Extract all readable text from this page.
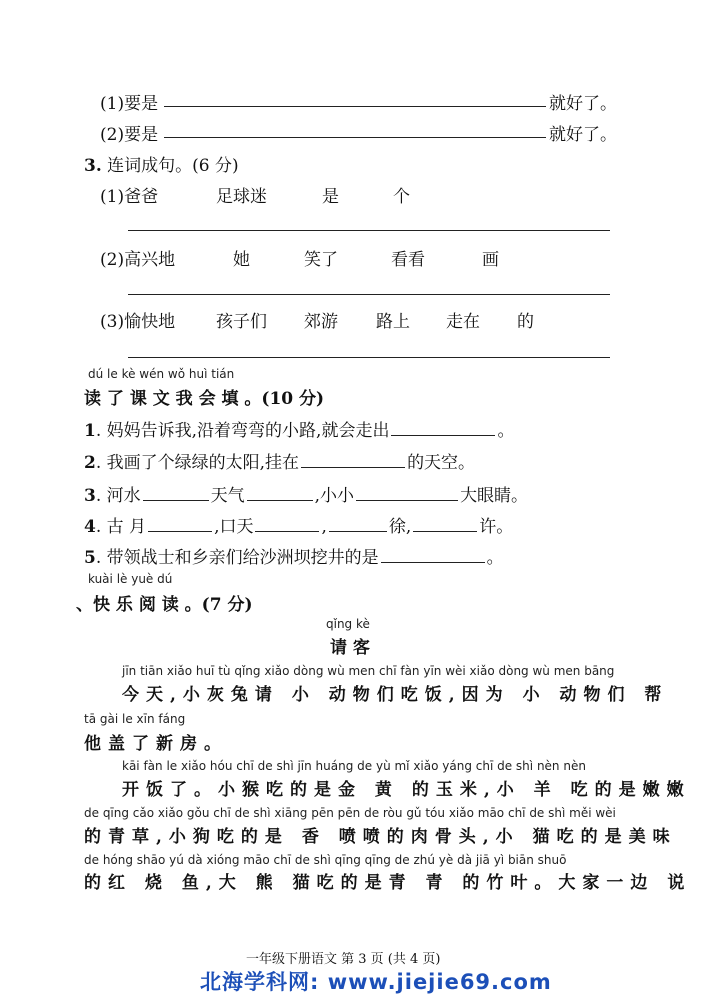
(1)要是	就好了。
(2)要是	就好了。
3. 连词成句。(6 分)
(1)爸爸	足球迷	是	个
(2)高兴地	她	笑了	看看	画
(3)愉快地 孩子们 郊游 路上 走在 的
dú le kè wén wǒ huì tián
读 了 课 文 我 会 填 。(10 分)
1. 妈妈告诉我,沿着弯弯的小路,就会走出	。
2. 我画了个绿绿的太阳,挂在	的天空。
3. 河水	天气	,小小	大眼睛。
4. 古 月	,口天	,	徐,	许。
5. 带领战士和乡亲们给沙洲坝挖井的是	。
kuài lè yuè dú
、快 乐 阅 读 。(7 分)
qǐng kè
请 客
jīn tiān xiǎo huī tù qǐng xiǎo dòng wù men chī fàn yīn wèi xiǎo dòng wù men bāng
今天,小灰兔请 小 动物们吃饭,因为 小 动物们 帮
tā gài le xīn fáng
他盖了新房。
kāi fàn le xiǎo hóu chī de shì jīn huáng de yù mǐ xiǎo yáng chī de shì nèn nèn
开饭了。小猴吃的是金 黄 的玉米,小 羊 吃的是嫩嫩
de qīng cǎo xiǎo gǒu chī de shì xiāng pēn pēn de ròu gǔ tóu xiǎo māo chī de shì měi wèi
的青草,小狗吃的是 香 喷喷的肉骨头,小 猫吃的是美味
de hóng shāo yú dà xióng māo chī de shì qīng qīng de zhú yè dà jiā yì biān shuō
的红 烧 鱼,大 熊 猫吃的是青 青 的竹叶。大家一边 说
一年级下册语文 第 3 页 (共 4 页)
北海学科网: www.jiejie69.com
